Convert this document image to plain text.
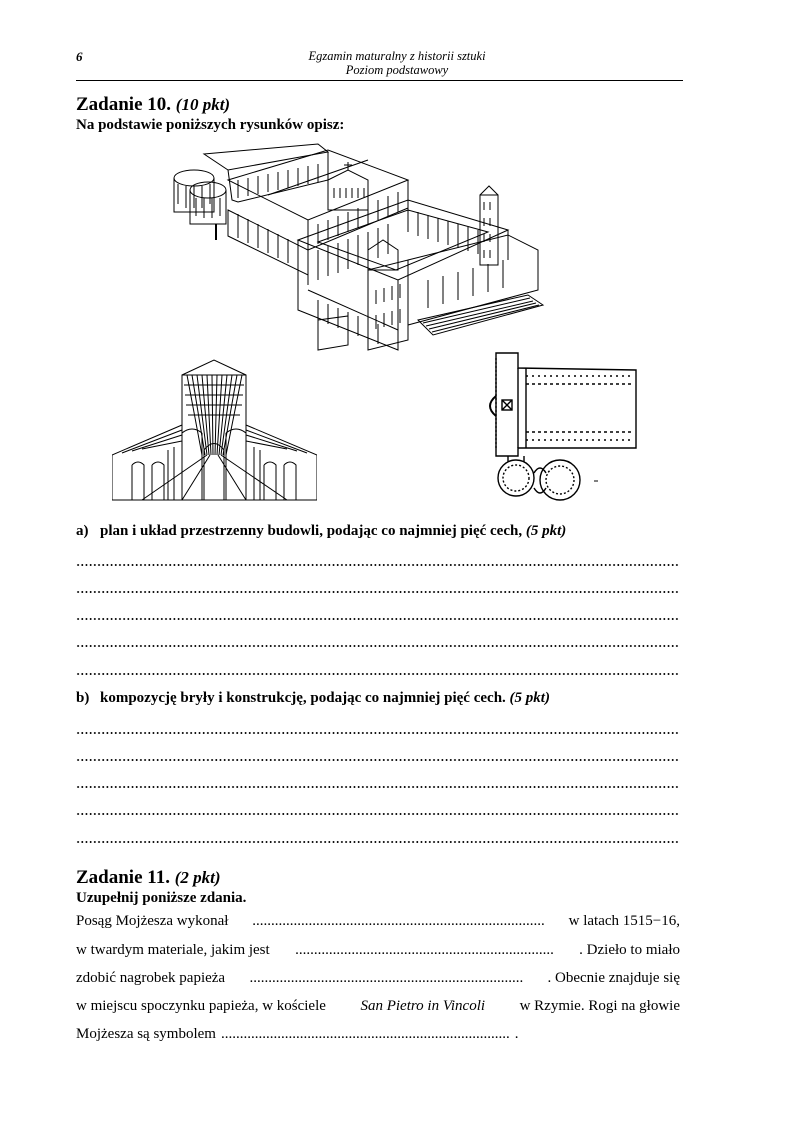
6	Egzamin maturalny z historii sztuki
Poziom podstawowy
Zadanie 10. (10 pkt)
Na podstawie poniższych rysunków opisz:
a) plan i układ przestrzenny budowli, podając co najmniej pięć cech, (5 pkt)
b) kompozycję bryły i konstrukcję, podając co najmniej pięć cech. (5 pkt)
Zadanie 11. (2 pkt)
Uzupełnij poniższe zdania.
Posąg Mojżesza wykonał .............................................................................. w latach 1515−16,
w twardym materiale, jakim jest ..................................................................... . Dzieło to miało
zdobić nagrobek papieża ......................................................................... . Obecnie znajduje się
w miejscu spoczynku papieża, w kościele San Pietro in Vincoli w Rzymie. Rogi na głowie
Mojżesza są symbolem ............................................................................. .
